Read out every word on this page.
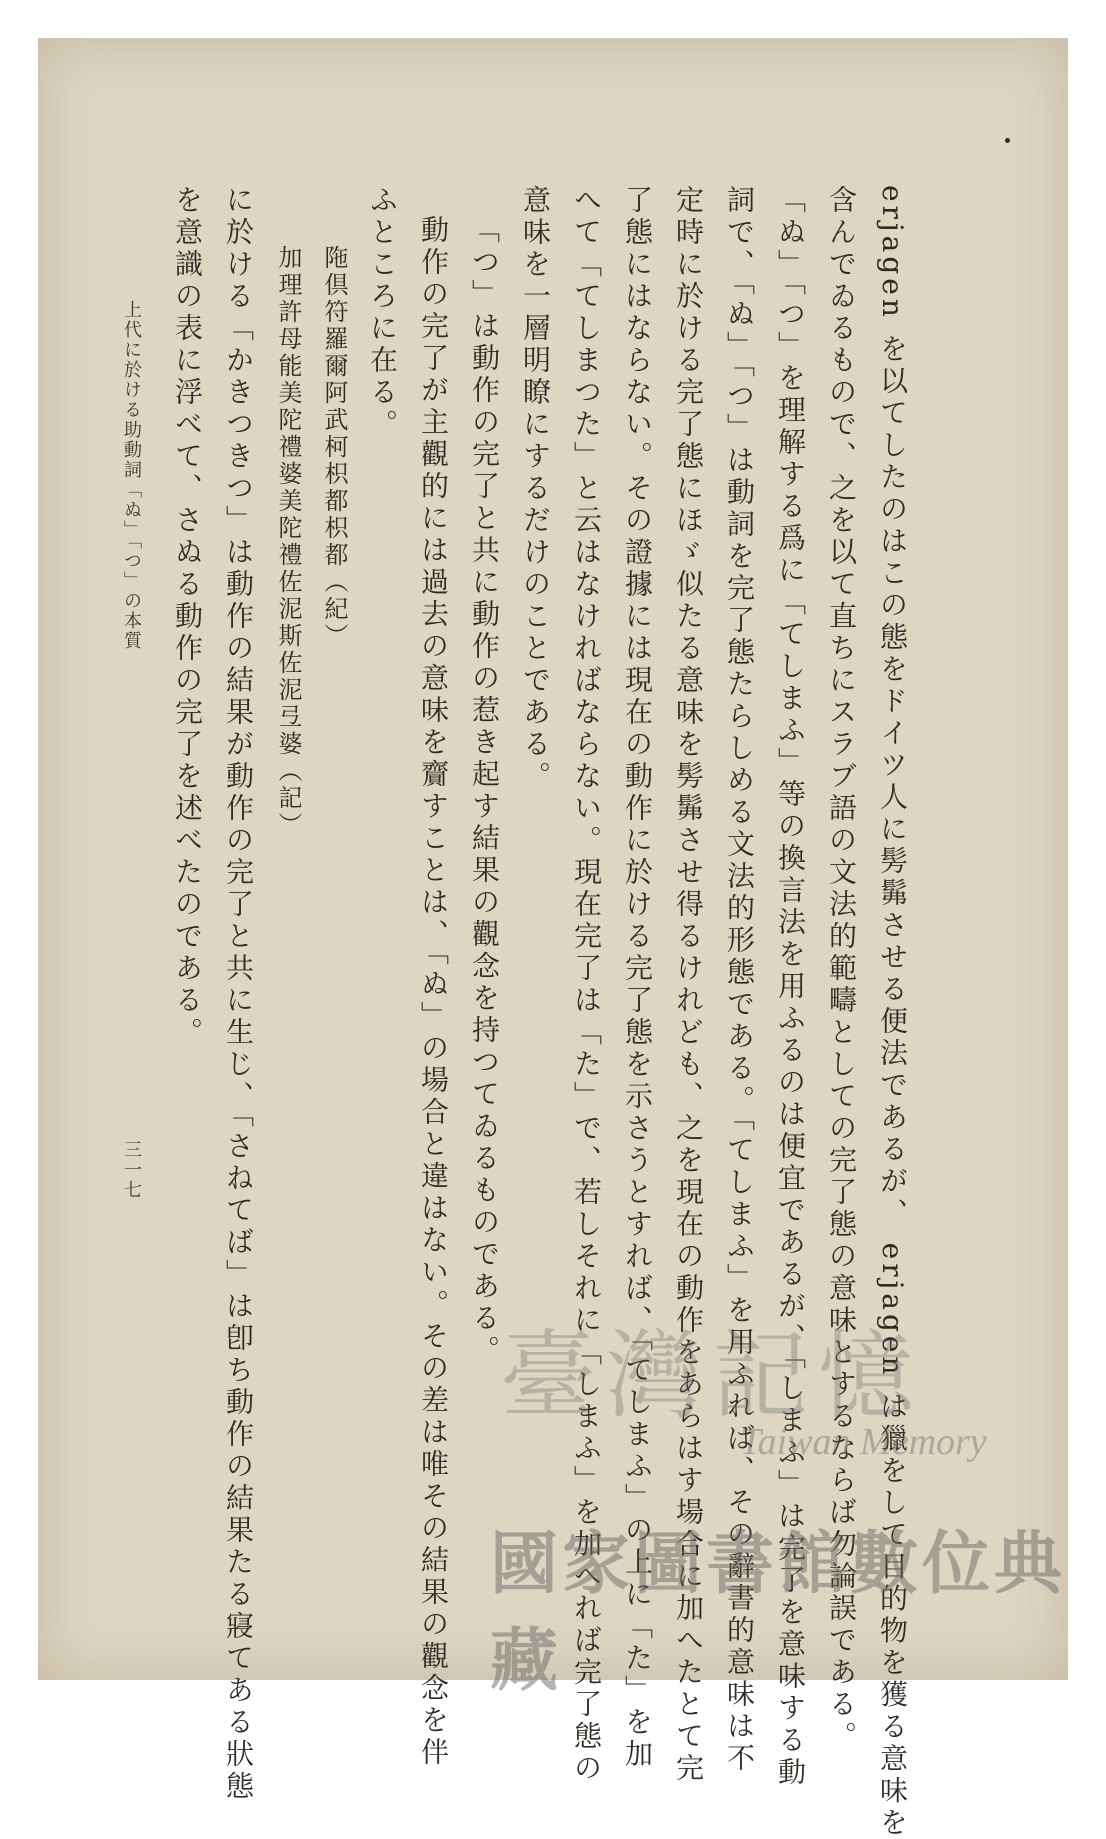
erjagen を以てしたのはこの態をドイツ人に髣髴させる便法であるが、 erjagen は獵をして目的物を獲る意味を
含んでゐるもので、之を以て直ちにスラブ語の文法的範疇としての完了態の意味とするならば勿論誤である。
「ぬ」「つ」を理解する爲に「てしまふ」等の換言法を用ふるのは便宜であるが、「しまふ」は完了を意味する動
詞で、「ぬ」「つ」は動詞を完了態たらしめる文法的形態である。「てしまふ」を用ふれば、その辭書的意味は不
定時に於ける完了態にほゞ似たる意味を髣髴させ得るけれども、之を現在の動作をあらはす場合に加へたとて完
了態にはならない。その證據には現在の動作に於ける完了態を示さうとすれば、「てしまふ」の上に「た」を加
へて「てしまつた」と云はなければならない。現在完了は「た」で、若しそれに「しまふ」を加へれば完了態の
意味を一層明瞭にするだけのことである。
「つ」は動作の完了と共に動作の惹き起す結果の觀念を持つてゐるものである。
動作の完了が主觀的には過去の意味を齎すことは、「ぬ」の場合と違はない。その差は唯その結果の觀念を伴
ふところに在る。
陁倶符羅爾阿武柯枳都枳都（紀）
加理許母能美陀禮婆美陀禮佐泥斯佐泥弖婆（記）
に於ける「かきつきつ」は動作の結果が動作の完了と共に生じ、「さねてば」は卽ち動作の結果たる寢てある狀態
を意識の表に浮べて、さぬる動作の完了を述べたのである。
上代に於ける助動詞「ぬ」「つ」の本質
三一七
臺灣記憶
Taiwan Memory
國家圖書館數位典藏
